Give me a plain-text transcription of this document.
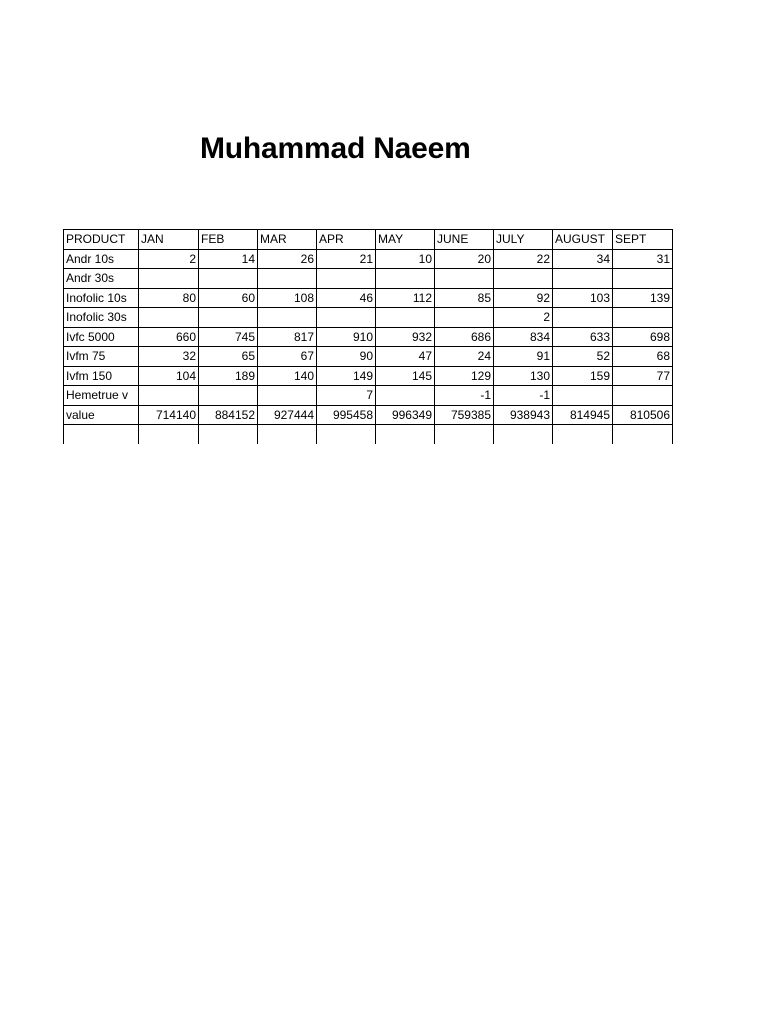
Muhammad Naeem
PRODUCT	JAN	FEB	MAR	APR	MAY	JUNE	JULY	AUGUST	SEPT
Andr 10s	2	14	26	21	10	20	22	34	31
Andr 30s									
Inofolic 10s	80	60	108	46	112	85	92	103	139
Inofolic 30s							2		
Ivfc 5000	660	745	817	910	932	686	834	633	698
Ivfm 75	32	65	67	90	47	24	91	52	68
Ivfm 150	104	189	140	149	145	129	130	159	77
Hemetrue v				7		-1	-1		
value	714140	884152	927444	995458	996349	759385	938943	814945	810506
